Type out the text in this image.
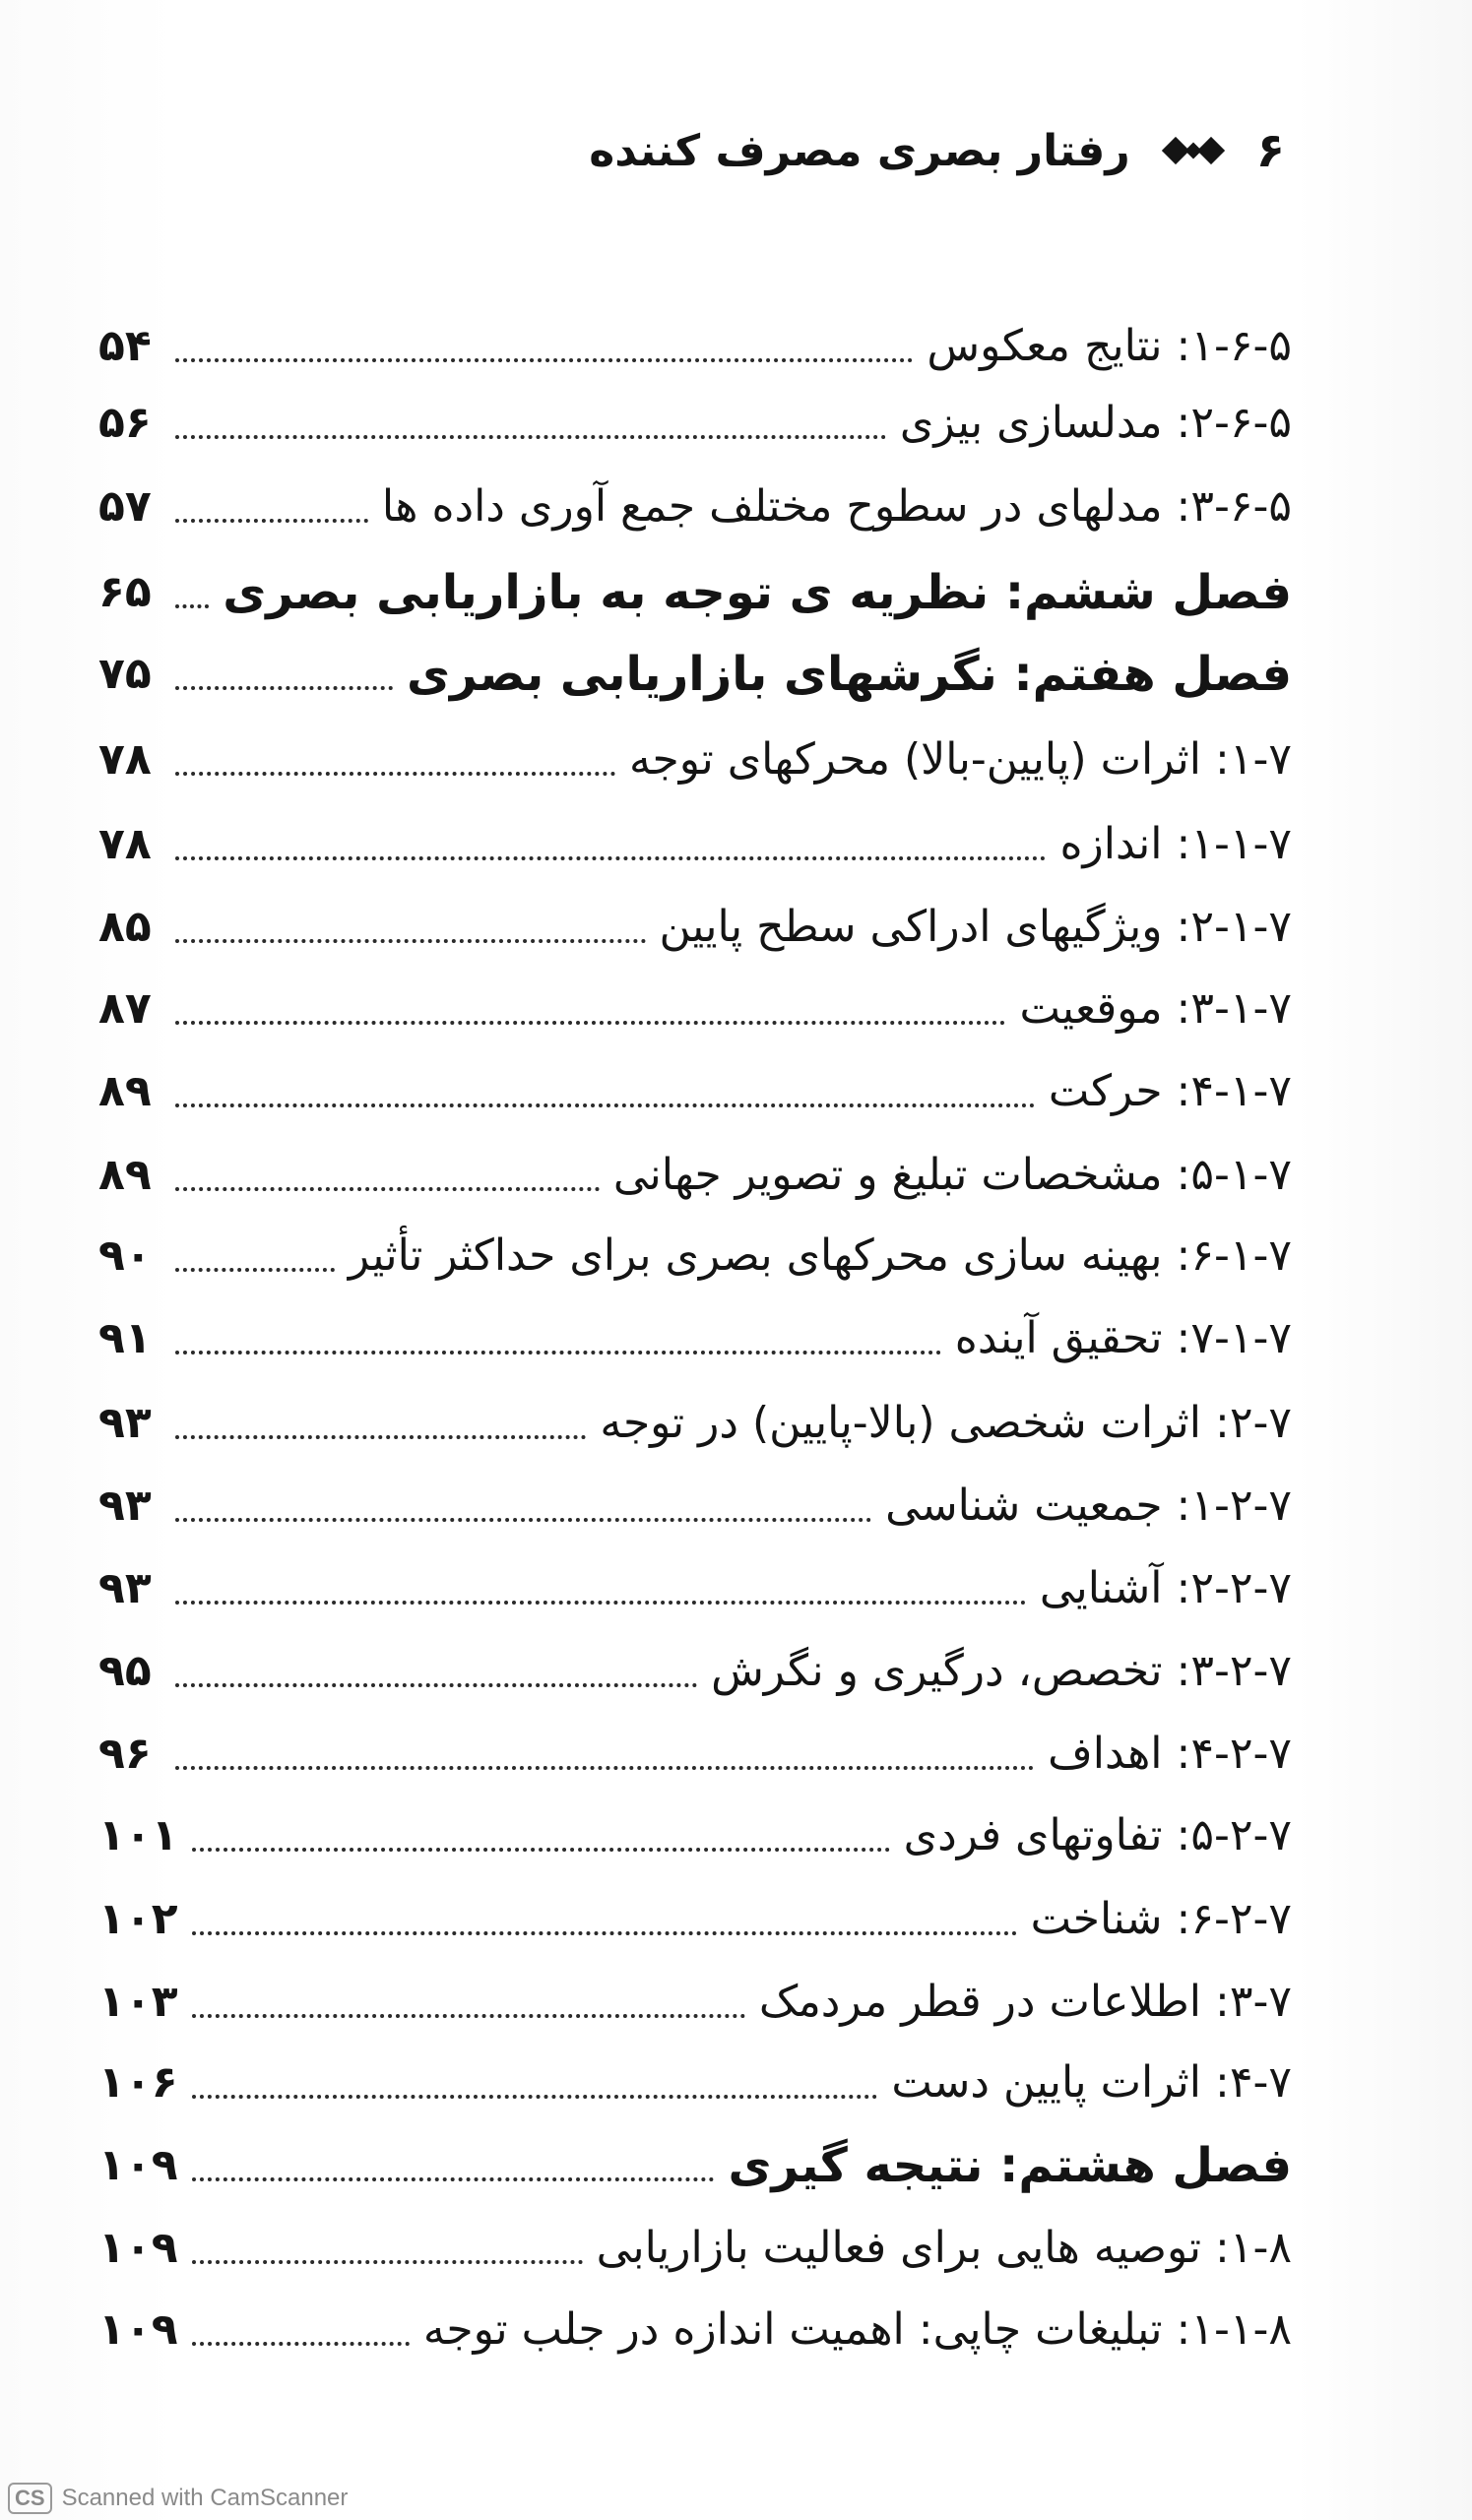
۶
رفتار بصری مصرف کننده
۱-۶-۵: نتایج معکوس
۵۴
۲-۶-۵: مدلسازی بیزی
۵۶
۳-۶-۵: مدلهای در سطوح مختلف جمع آوری داده ها
۵۷
فصل ششم: نظریه ی توجه به بازاریابی بصری
۶۵
فصل هفتم: نگرشهای بازاریابی بصری
۷۵
۱-۷: اثرات (پایین-بالا) محرکهای توجه
۷۸
۱-۱-۷: اندازه
۷۸
۲-۱-۷: ویژگیهای ادراکی سطح پایین
۸۵
۳-۱-۷: موقعیت
۸۷
۴-۱-۷: حرکت
۸۹
۵-۱-۷: مشخصات تبلیغ و تصویر جهانی
۸۹
۶-۱-۷: بهینه سازی محرکهای بصری برای حداکثر تأثیر
۹۰
۷-۱-۷: تحقیق آینده
۹۱
۲-۷: اثرات شخصی (بالا-پایین) در توجه
۹۳
۱-۲-۷: جمعیت شناسی
۹۳
۲-۲-۷: آشنایی
۹۳
۳-۲-۷: تخصص، درگیری و نگرش
۹۵
۴-۲-۷: اهداف
۹۶
۵-۲-۷: تفاوتهای فردی
۱۰۱
۶-۲-۷: شناخت
۱۰۲
۳-۷: اطلاعات در قطر مردمک
۱۰۳
۴-۷: اثرات پایین دست
۱۰۶
فصل هشتم: نتیجه گیری
۱۰۹
۱-۸: توصیه هایی برای فعالیت بازاریابی
۱۰۹
۱-۱-۸: تبلیغات چاپی: اهمیت اندازه در جلب توجه
۱۰۹
CS Scanned with CamScanner
